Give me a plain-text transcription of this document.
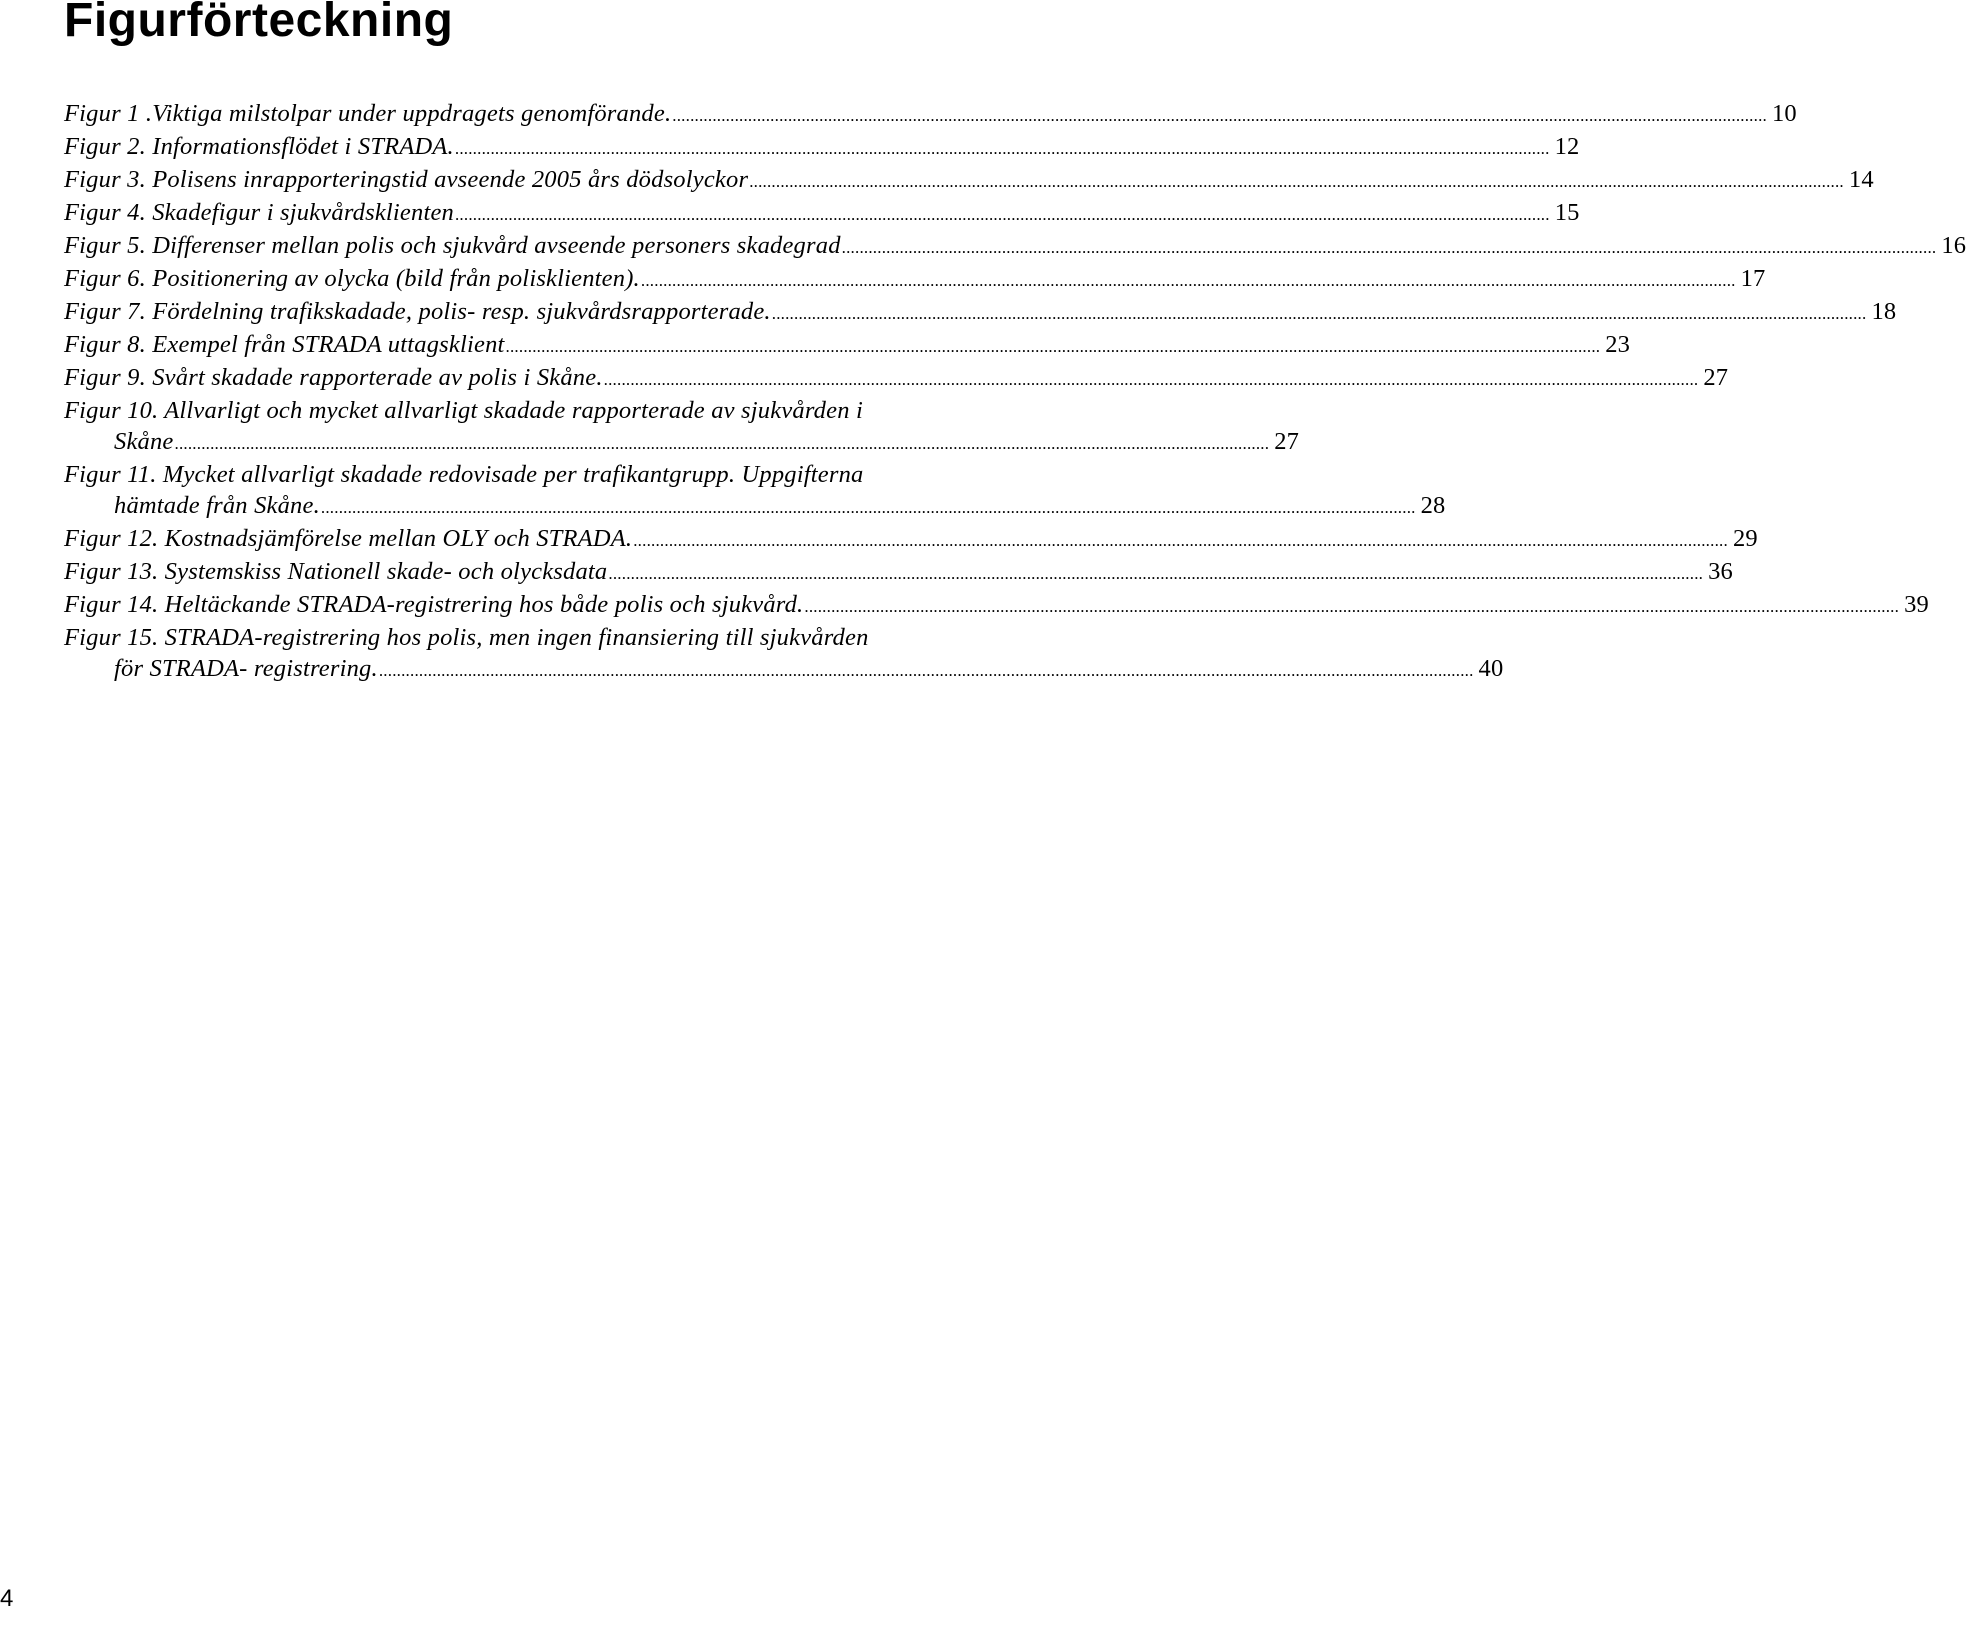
Figurförteckning
Figur 1 .Viktiga milstolpar under uppdragets genomförande. ...................................................................................................................................................................................................................................................... 10
Figur 2. Informationsflödet i STRADA. ...................................................................................................................................................................................................................................................... 12
Figur 3. Polisens inrapporteringstid avseende 2005 års dödsolyckor ...................................................................................................................................................................................................................................................... 14
Figur 4. Skadefigur i sjukvårdsklienten ...................................................................................................................................................................................................................................................... 15
Figur 5. Differenser mellan polis och sjukvård avseende personers skadegrad ...................................................................................................................................................................................................................................................... 16
Figur 6. Positionering av olycka (bild från polisklienten). ...................................................................................................................................................................................................................................................... 17
Figur 7. Fördelning trafikskadade, polis- resp. sjukvårdsrapporterade. ...................................................................................................................................................................................................................................................... 18
Figur 8. Exempel från STRADA uttagsklient ...................................................................................................................................................................................................................................................... 23
Figur 9. Svårt skadade rapporterade av polis i Skåne. ...................................................................................................................................................................................................................................................... 27
Figur 10. Allvarligt och mycket allvarligt skadade rapporterade av sjukvården i
Skåne ...................................................................................................................................................................................................................................................... 27
Figur 11. Mycket allvarligt skadade redovisade per trafikantgrupp. Uppgifterna
hämtade från Skåne. ...................................................................................................................................................................................................................................................... 28
Figur 12. Kostnadsjämförelse mellan OLY och STRADA. ...................................................................................................................................................................................................................................................... 29
Figur 13. Systemskiss Nationell skade- och olycksdata ...................................................................................................................................................................................................................................................... 36
Figur 14. Heltäckande STRADA-registrering hos både polis och sjukvård. ...................................................................................................................................................................................................................................................... 39
Figur 15. STRADA-registrering hos polis, men ingen finansiering till sjukvården
för STRADA- registrering. ...................................................................................................................................................................................................................................................... 40
4
